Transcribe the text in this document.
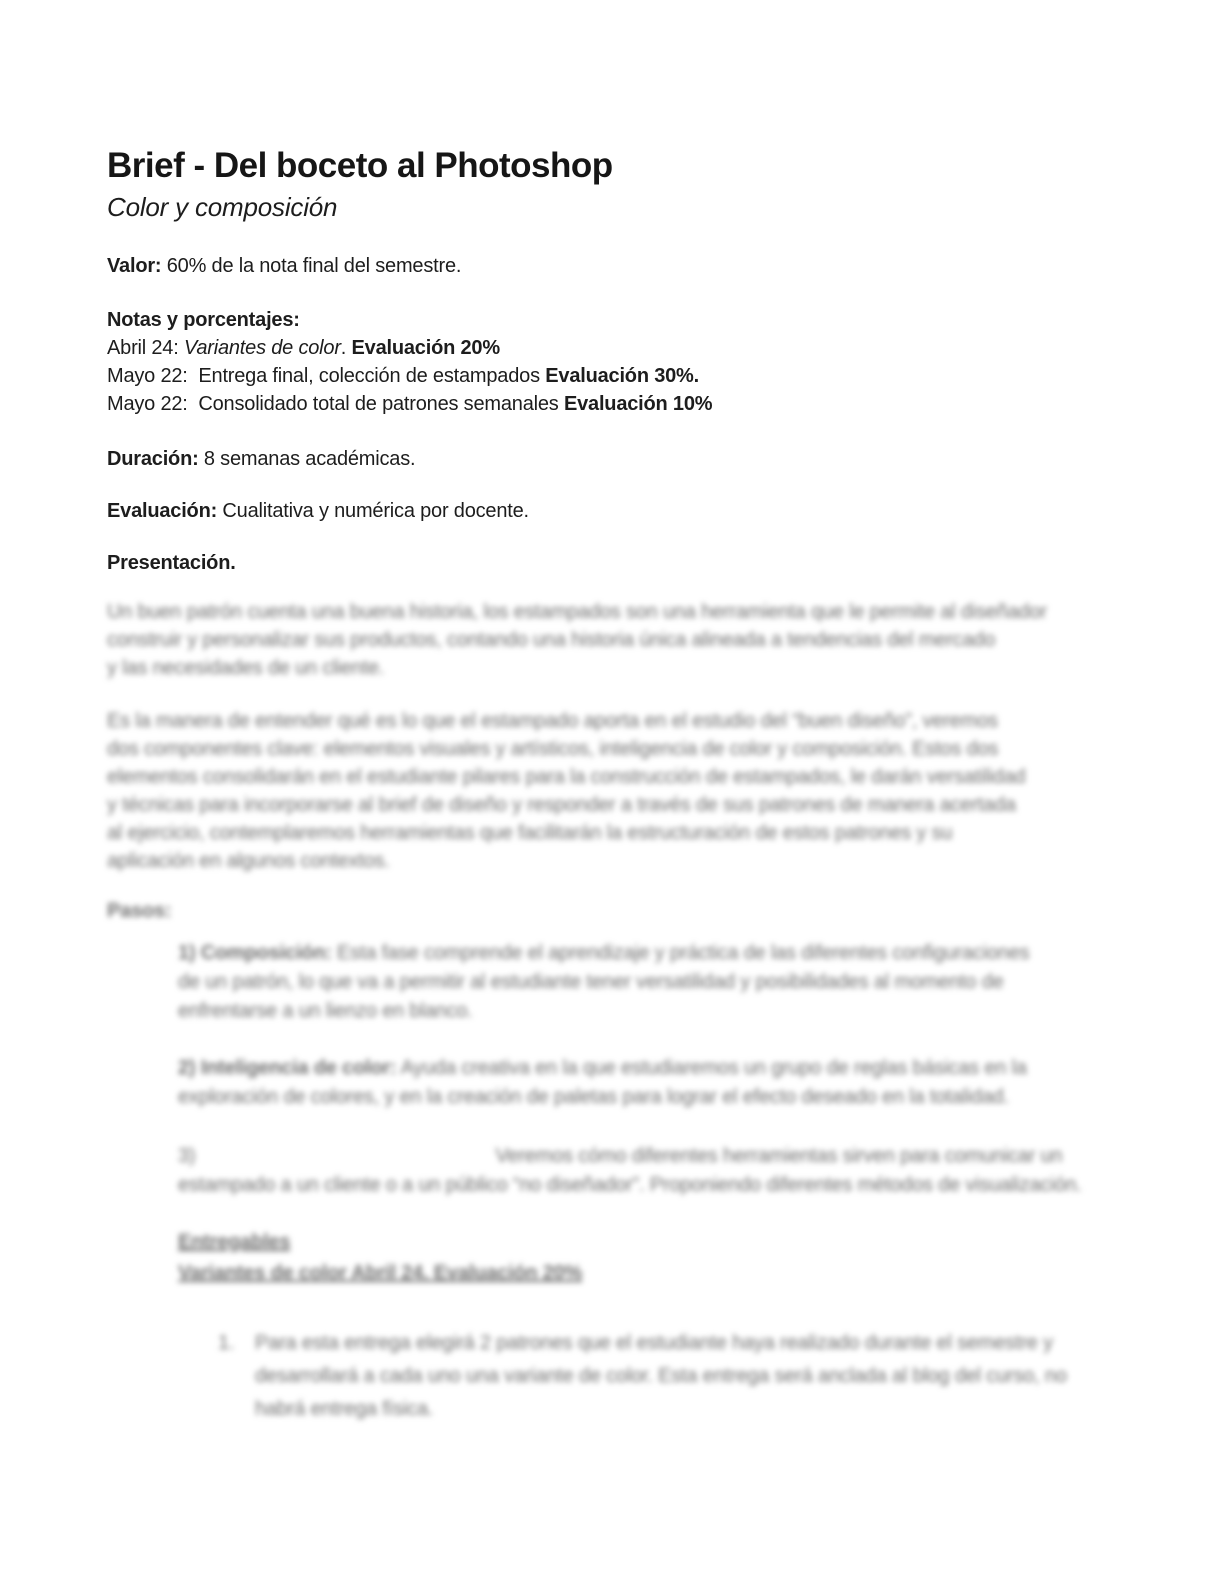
Brief - Del boceto al Photoshop
Color y composición
Valor: 60% de la nota final del semestre.
Notas y porcentajes:
Abril 24: Variantes de color. Evaluación 20%
Mayo 22:  Entrega final, colección de estampados Evaluación 30%.
Mayo 22:  Consolidado total de patrones semanales Evaluación 10%
Duración: 8 semanas académicas.
Evaluación: Cualitativa y numérica por docente.
Presentación.
Un buen patrón cuenta una buena historia, los estampados son una herramienta que le permite al diseñador
construir y personalizar sus productos, contando una historia única alineada a tendencias del mercado
y las necesidades de un cliente.
Es la manera de entender qué es lo que el estampado aporta en el estudio del “buen diseño”, veremos
dos componentes clave: elementos visuales y artísticos, inteligencia de color y composición. Estos dos
elementos consolidarán en el estudiante pilares para la construcción de estampados, le darán versatilidad
y técnicas para incorporarse al brief de diseño y responder a través de sus patrones de manera acertada
al ejercicio, contemplaremos herramientas que facilitarán la estructuración de estos patrones y su
aplicación en algunos contextos.
Pasos:
1) Composición: Esta fase comprende el aprendizaje y práctica de las diferentes configuraciones
de un patrón, lo que va a permitir al estudiante tener versatilidad y posibilidades al momento de
enfrentarse a un lienzo en blanco.
2) Inteligencia de color: Ayuda creativa en la que estudiaremos un grupo de reglas básicas en la
exploración de colores, y en la creación de paletas para lograr el efecto deseado en la totalidad.
3)	Veremos cómo diferentes herramientas sirven para comunicar un
estampado a un cliente o a un público “no diseñador”. Proponiendo diferentes métodos de visualización.
Entregables
Variantes de color Abril 24. Evaluación 20%
1. Para esta entrega elegirá 2 patrones que el estudiante haya realizado durante el semestre y
desarrollará a cada uno una variante de color. Esta entrega será anclada al blog del curso, no
habrá entrega física.
